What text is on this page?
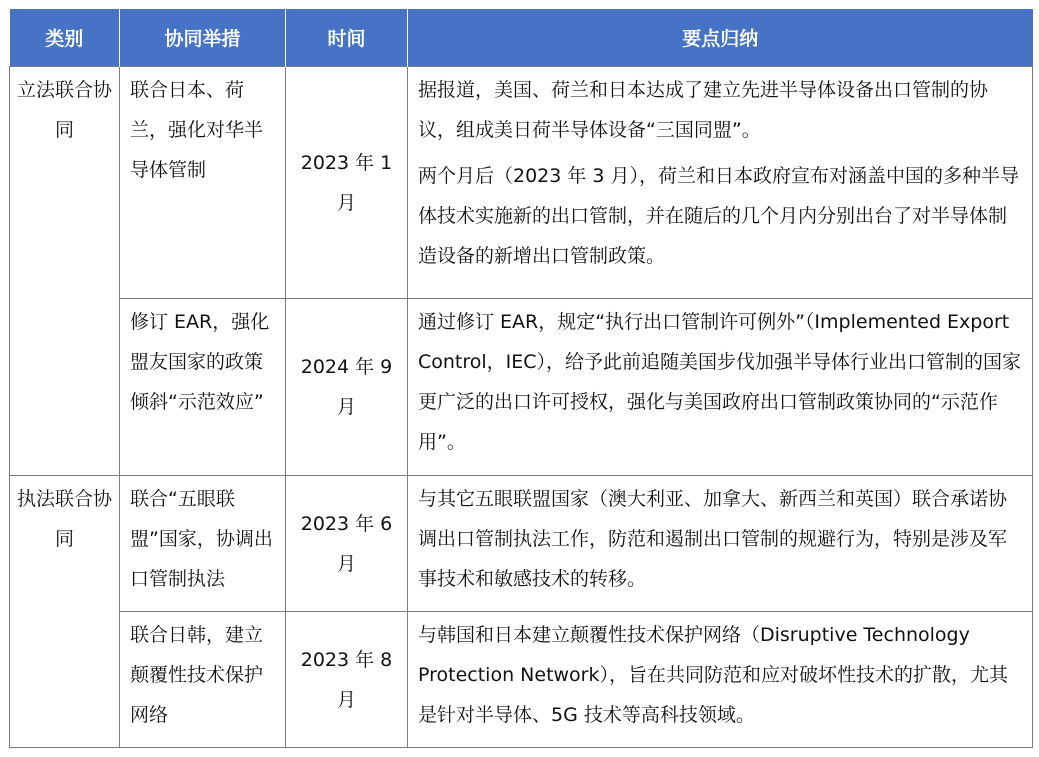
类别	协同举措	时间	要点归纳
立法联合协同	联合日本、荷兰，强化对华半导体管制	2023 年 1 月	据报道，美国、荷兰和日本达成了建立先进半导体设备出口管制的协议，组成美日荷半导体设备“三国同盟”。

两个月后（2023 年 3 月），荷兰和日本政府宣布对涵盖中国的多种半导体技术实施新的出口管制，并在随后的几个月内分别出台了对半导体制造设备的新增出口管制政策。

	修订 EAR，强化盟友国家的政策倾斜“示范效应”	2024 年 9 月	通过修订 EAR，规定“执行出口管制许可例外”（Implemented Export Control，IEC），给予此前追随美国步伐加强半导体行业出口管制的国家更广泛的出口许可授权，强化与美国政府出口管制政策协同的“示范作用”。

执法联合协同	联合“五眼联盟”国家，协调出口管制执法	2023 年 6 月	与其它五眼联盟国家（澳大利亚、加拿大、新西兰和英国）联合承诺协调出口管制执法工作，防范和遏制出口管制的规避行为，特别是涉及军事技术和敏感技术的转移。

	联合日韩，建立颠覆性技术保护网络	2023 年 8 月	与韩国和日本建立颠覆性技术保护网络（Disruptive Technology Protection Network），旨在共同防范和应对破坏性技术的扩散，尤其是针对半导体、5G 技术等高科技领域。
